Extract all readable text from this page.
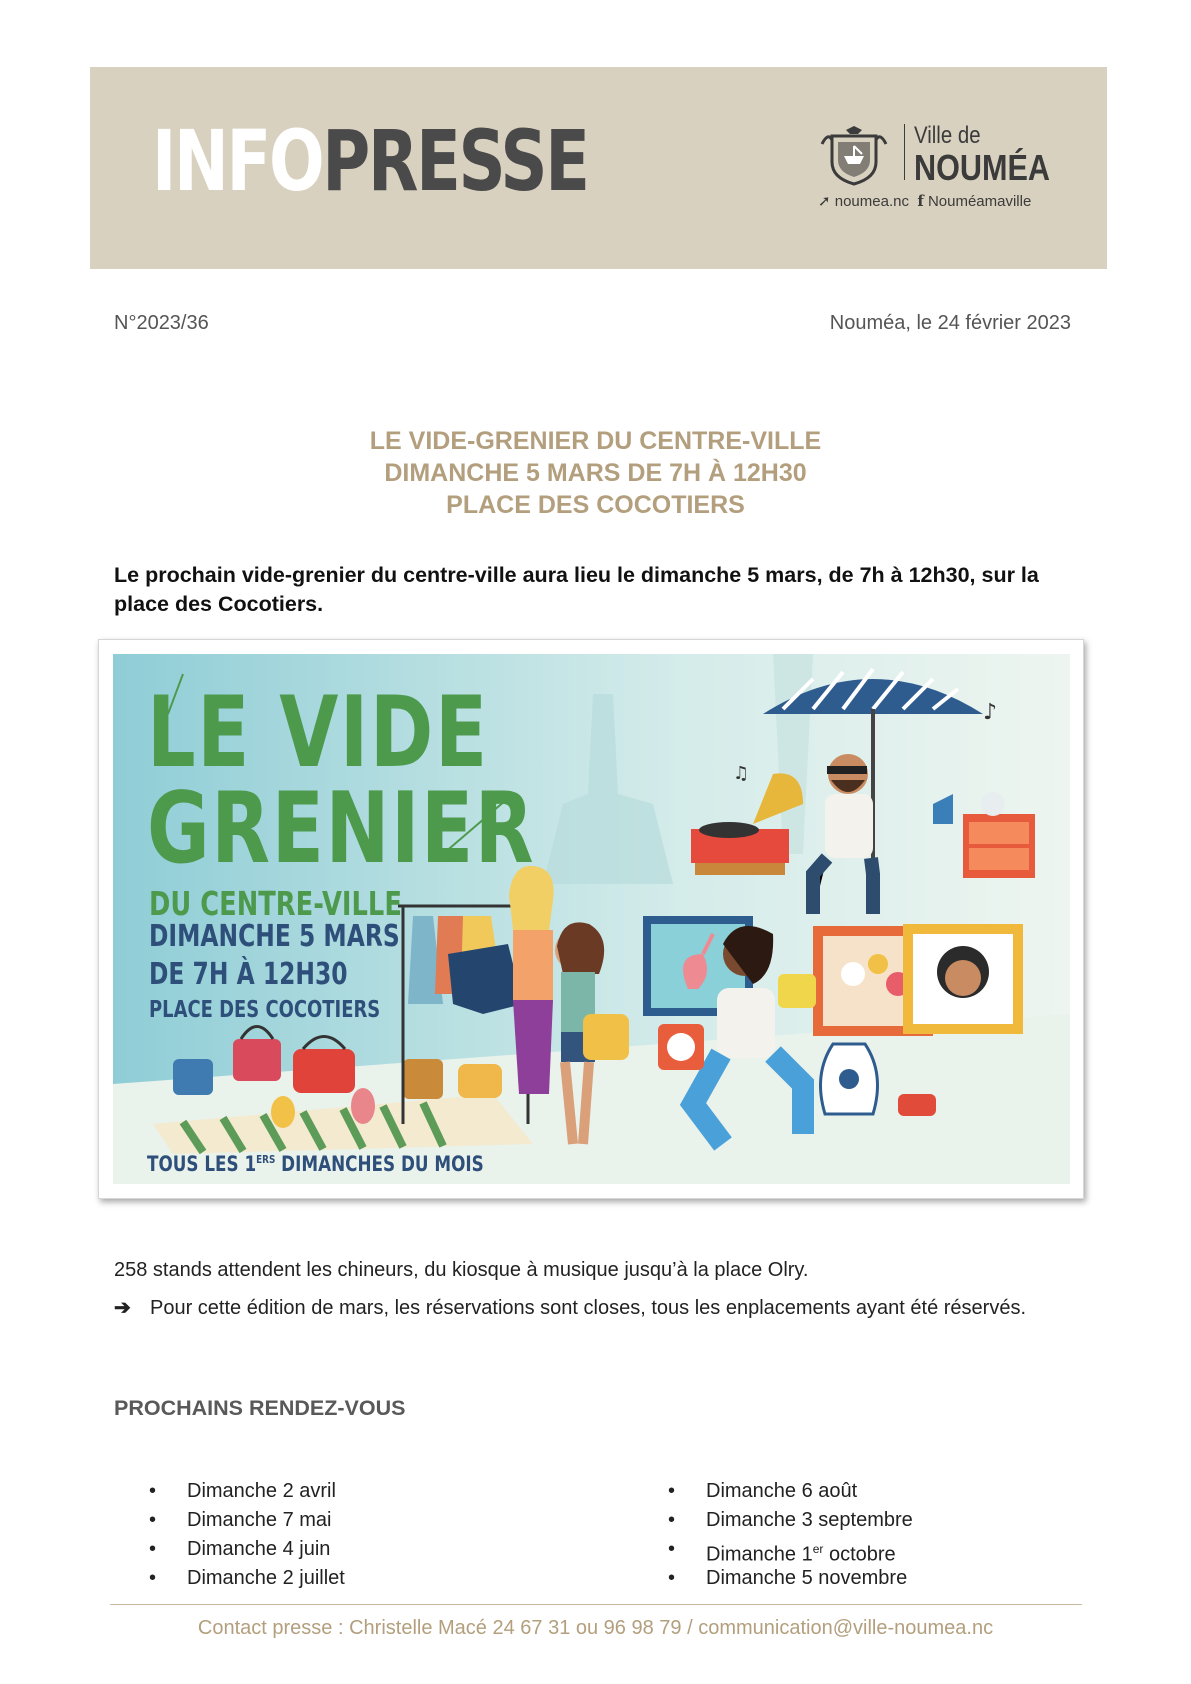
INFOPRESSE	Ville de
NOUMÉA
➚ noumea.nc f Nouméamaville
N°2023/36	Nouméa, le 24 février 2023
LE VIDE-GRENIER DU CENTRE-VILLE
DIMANCHE 5 MARS DE 7H À 12H30
PLACE DES COCOTIERS
Le prochain vide-grenier du centre-ville aura lieu le dimanche 5 mars, de 7h à 12h30, sur la place des Cocotiers.
♪
♫
LE VIDE
GRENIER
DU CENTRE-VILLE
DIMANCHE 5 MARS
DE 7H À 12H30
PLACE DES COCOTIERS
TOUS LES 1ERS DIMANCHES DU MOIS
258 stands attendent les chineurs, du kiosque à musique jusqu’à la place Olry.
➔ Pour cette édition de mars, les réservations sont closes, tous les enplacements ayant été réservés.
PROCHAINS RENDEZ-VOUS
• Dimanche 2 avril
• Dimanche 7 mai
• Dimanche 4 juin
• Dimanche 2 juillet
• Dimanche 6 août
• Dimanche 3 septembre
• Dimanche 1er octobre
• Dimanche 5 novembre
Contact presse : Christelle Macé 24 67 31 ou 96 98 79 / communication@ville-noumea.nc
